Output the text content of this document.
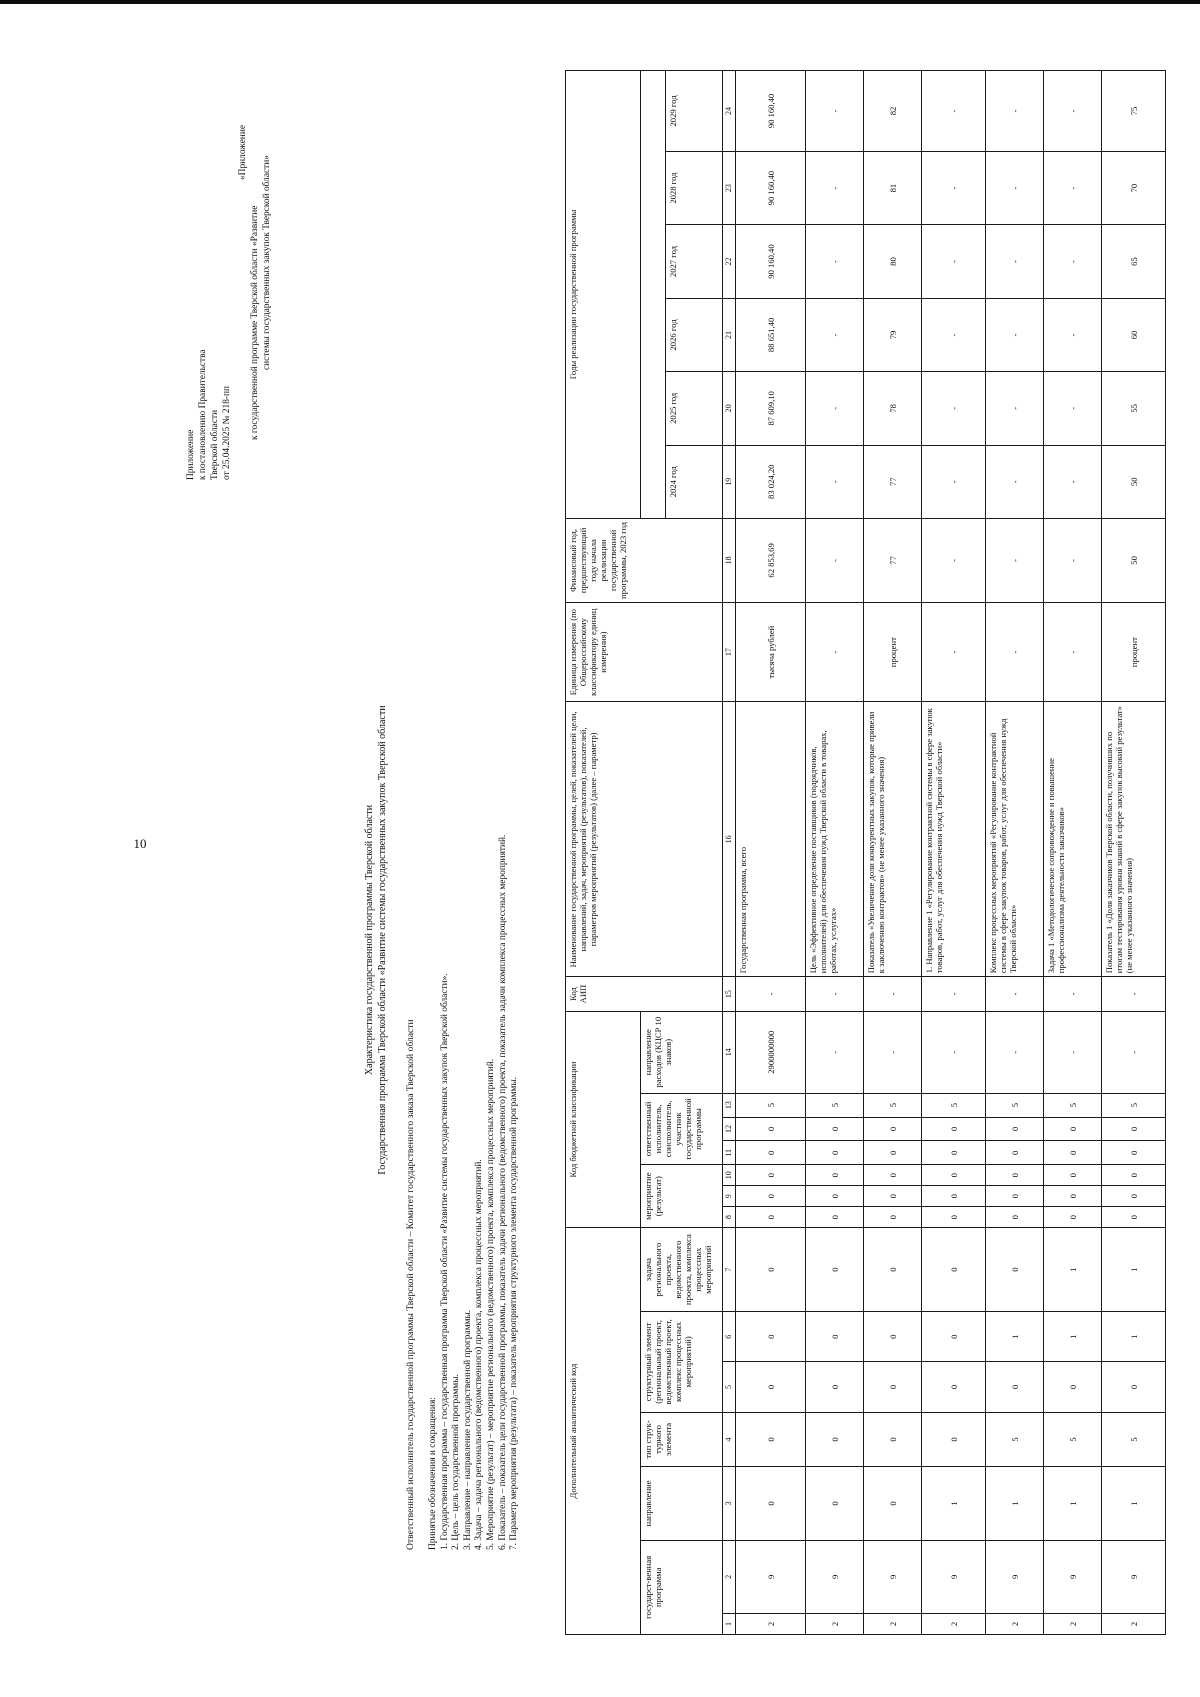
10
Приложение к постановлению Правительства Тверской области от 25.04.2025 № 218-пп
«Приложение
к государственной программе Тверской области «Развитие системы государственных закупок Тверской области»
Характеристика государственной программы Тверской области Государственная программа Тверской области «Развитие системы государственных закупок Тверской области
Ответственный исполнитель государственной программы Тверской области – Комитет государственного заказа Тверской области Принятые обозначения и сокращения: 1. Государственная программа – государственная программа Тверской области «Развитие системы государственных закупок Тверской области». 2. Цель – цель государственной программы. 3. Направление – направление государственной программы. 4. Задача – задача регионального (ведомственного) проекта, комплекса процессных мероприятий. 5. Мероприятие (результат) – мероприятие регионального (ведомственного) проекта, комплекса процессных мероприятий. 6. Показатель – показатель цели государственной программы, показатель задачи регионального (ведомственного) проекта, показатель задачи комплекса процессных мероприятий. 7. Параметр мероприятия (результата) – показатель мероприятия структурного элемента государственной программы.	Дополнительный аналитический код							Код бюджетной классификации							Код АИП	Наименование государственной программы, целей, показателей цели, направлений, задач, мероприятий (результатов), показателей, параметров мероприятий (результатов) (далее – параметр)	Единица измерения (по Общероссийскому классификатору единиц измерения)	Финансовый год, предшествующий году начала реализации государственной программы, 2023 год	Годы реализации государственной программы					
государст-венная программа		направление	тип струк-турного элемента	структурный элемент (региональный проект, ведомственный проект, комплекс процессных мероприятий)		задача регионального проекта, ведомственного проекта, комплекса процессных мероприятий	мероприятие (результат)			ответственный исполнитель, соисполнитель, участник государственной программы			направление расходов (КЦСР 10 знаков)										
																		2024 год	2025 год	2026 год	2027 год	2028 год	2029 год
1	2	3	4	5	6	7	8	9	10	11	12	13	14	15	16	17	18	19	20	21	22	23	24
2	9	0	0	0	0	0	0	0	0	0	0	5	2900000000	-	Государственная программа, всего	тысяча рублей	62 853,69	83 024,20	87 609,10	88 651,40	90 160,40	90 160,40	90 160,40
2	9	0	0	0	0	0	0	0	0	0	0	5	-	-	Цель «Эффективное определение поставщиков (подрядчиков, исполнителей) для обеспечения нужд Тверской области в товарах, работах, услугах»	-	-	-	-	-	-	-	-
2	9	0	0	0	0	0	0	0	0	0	0	5	-	-	Показатель «Увеличение доли конкурентных закупок, которые привели к заключению контрактов» (не менее указанного значения)	процент	77	77	78	79	80	81	82
2	9	1	0	0	0	0	0	0	0	0	0	5	-	-	1. Направление 1 «Регулирование контрактной системы в сфере закупок товаров, работ, услуг для обеспечения нужд Тверской области»	-	-	-	-	-	-	-	-
2	9	1	5	0	1	0	0	0	0	0	0	5	-	-	Комплекс процессных мероприятий «Регулирование контрактной системы в сфере закупок товаров, работ, услуг для обеспечения нужд Тверской области»	-	-	-	-	-	-	-	-
2	9	1	5	0	1	1	0	0	0	0	0	5	-	-	Задача 1 «Методологическое сопровождение и повышение профессионализма деятельности заказчиков»	-	-	-	-	-	-	-	-
2	9	1	5	0	1	1	0	0	0	0	0	5	-	-	Показатель 1 «Доля заказчиков Тверской области, получивших по итогам тестирования уровня знаний в сфере закупок высокий результат» (не менее указанного значения)	процент	50	50	55	60	65	70	75
